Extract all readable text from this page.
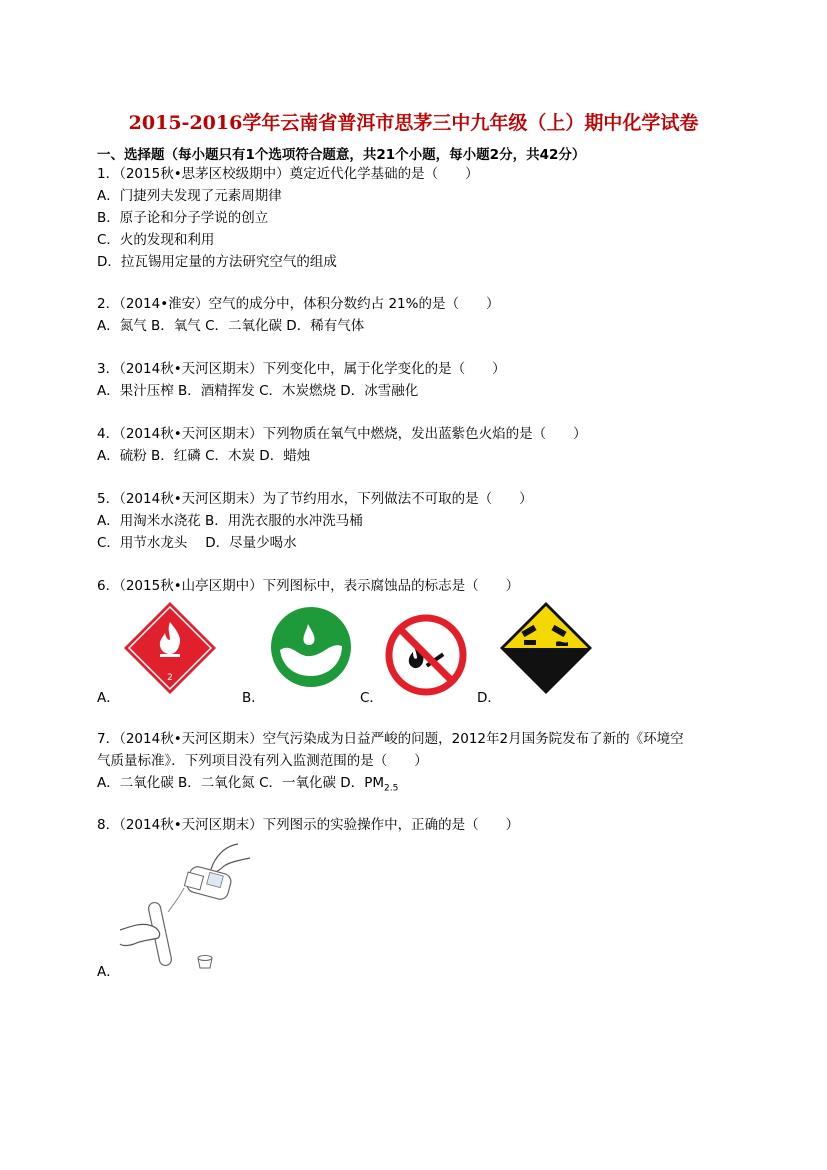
2015-2016学年云南省普洱市思茅三中九年级（上）期中化学试卷
一、选择题（每小题只有1个选项符合题意，共21个小题，每小题2分，共42分）
1．（2015秋•思茅区校级期中）奠定近代化学基础的是（　　）
A．门捷列夫发现了元素周期律
B．原子论和分子学说的创立
C．火的发现和利用
D．拉瓦锡用定量的方法研究空气的组成
2．（2014•淮安）空气的成分中，体积分数约占 21%的是（　　）
A．氮气 B．氧气 C．二氧化碳 D．稀有气体
3．（2014秋•天河区期末）下列变化中，属于化学变化的是（　　）
A．果汁压榨 B．酒精挥发 C．木炭燃烧 D．冰雪融化
4．（2014秋•天河区期末）下列物质在氧气中燃烧，发出蓝紫色火焰的是（　　）
A．硫粉 B．红磷 C．木炭 D．蜡烛
5．（2014秋•天河区期末）为了节约用水，下列做法不可取的是（　　）
A．用淘米水浇花 B．用洗衣服的水冲洗马桶
C．用节水龙头　 D．尽量少喝水
6．（2015秋•山亭区期中）下列图标中，表示腐蚀品的标志是（　　）
2
A．	B．	C．	D．
7．（2014秋•天河区期末）空气污染成为日益严峻的问题，2012年2月国务院发布了新的《环境空
气质量标准》．下列项目没有列入监测范围的是（　　）
A．二氧化碳 B．二氧化氮 C．一氧化碳 D．$PM_{2.5}$
8．（2014秋•天河区期末）下列图示的实验操作中，正确的是（　　）
A．
